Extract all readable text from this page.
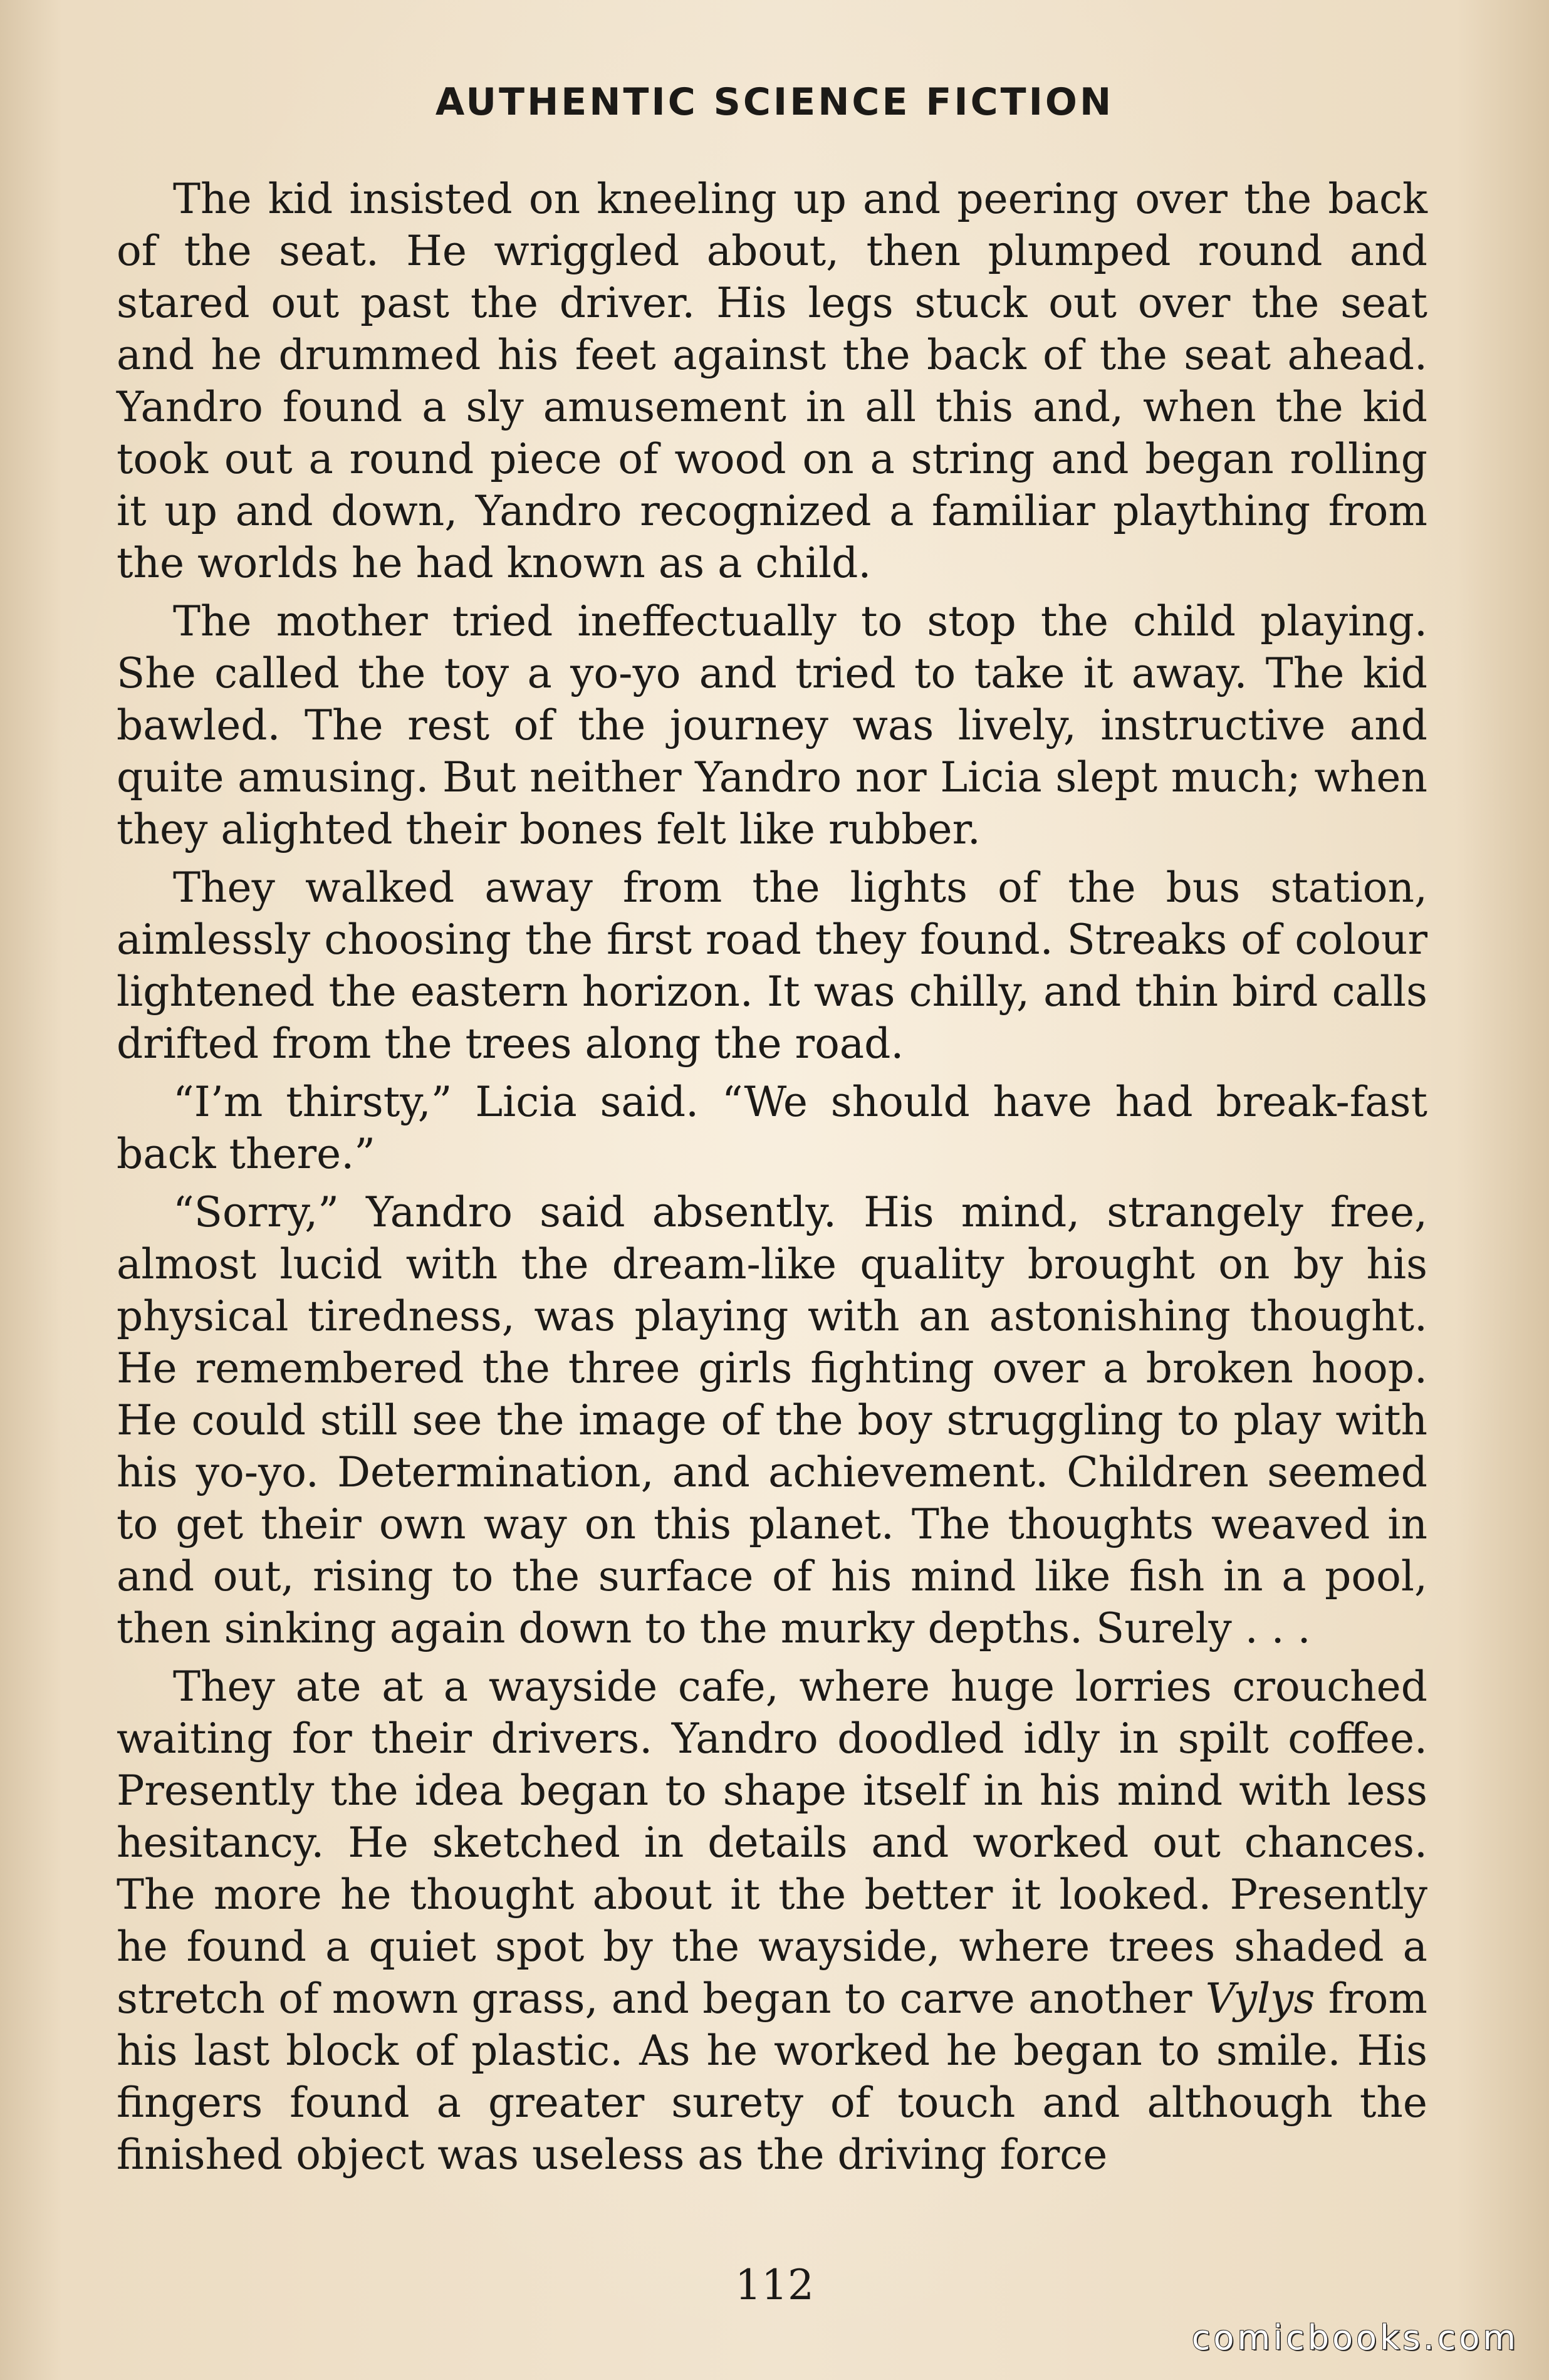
AUTHENTIC SCIENCE FICTION

The kid insisted on kneeling up and peering over the back of the seat. He wriggled about, then plumped round and stared out past the driver. His legs stuck out over the seat and he drummed his feet against the back of the seat ahead. Yandro found a sly amusement in all this and, when the kid took out a round piece of wood on a string and began rolling it up and down, Yandro recognized a familiar plaything from the worlds he had known as a child.

The mother tried ineffectually to stop the child playing. She called the toy a yo-yo and tried to take it away. The kid bawled. The rest of the journey was lively, instructive and quite amusing. But neither Yandro nor Licia slept much; when they alighted their bones felt like rubber.

They walked away from the lights of the bus station, aimlessly choosing the first road they found. Streaks of colour lightened the eastern horizon. It was chilly, and thin bird calls drifted from the trees along the road.

“I’m thirsty,” Licia said. “We should have had break-fast back there.”

“Sorry,” Yandro said absently. His mind, strangely free, almost lucid with the dream-like quality brought on by his physical tiredness, was playing with an astonishing thought. He remembered the three girls fighting over a broken hoop. He could still see the image of the boy struggling to play with his yo-yo. Determination, and achievement. Children seemed to get their own way on this planet. The thoughts weaved in and out, rising to the surface of his mind like fish in a pool, then sinking again down to the murky depths. Surely . . .

They ate at a wayside cafe, where huge lorries crouched waiting for their drivers. Yandro doodled idly in spilt coffee. Presently the idea began to shape itself in his mind with less hesitancy. He sketched in details and worked out chances. The more he thought about it the better it looked. Presently he found a quiet spot by the wayside, where trees shaded a stretch of mown grass, and began to carve another Vylys from his last block of plastic. As he worked he began to smile. His fingers found a greater surety of touch and although the finished object was useless as the driving force

112
comicbooks.com
